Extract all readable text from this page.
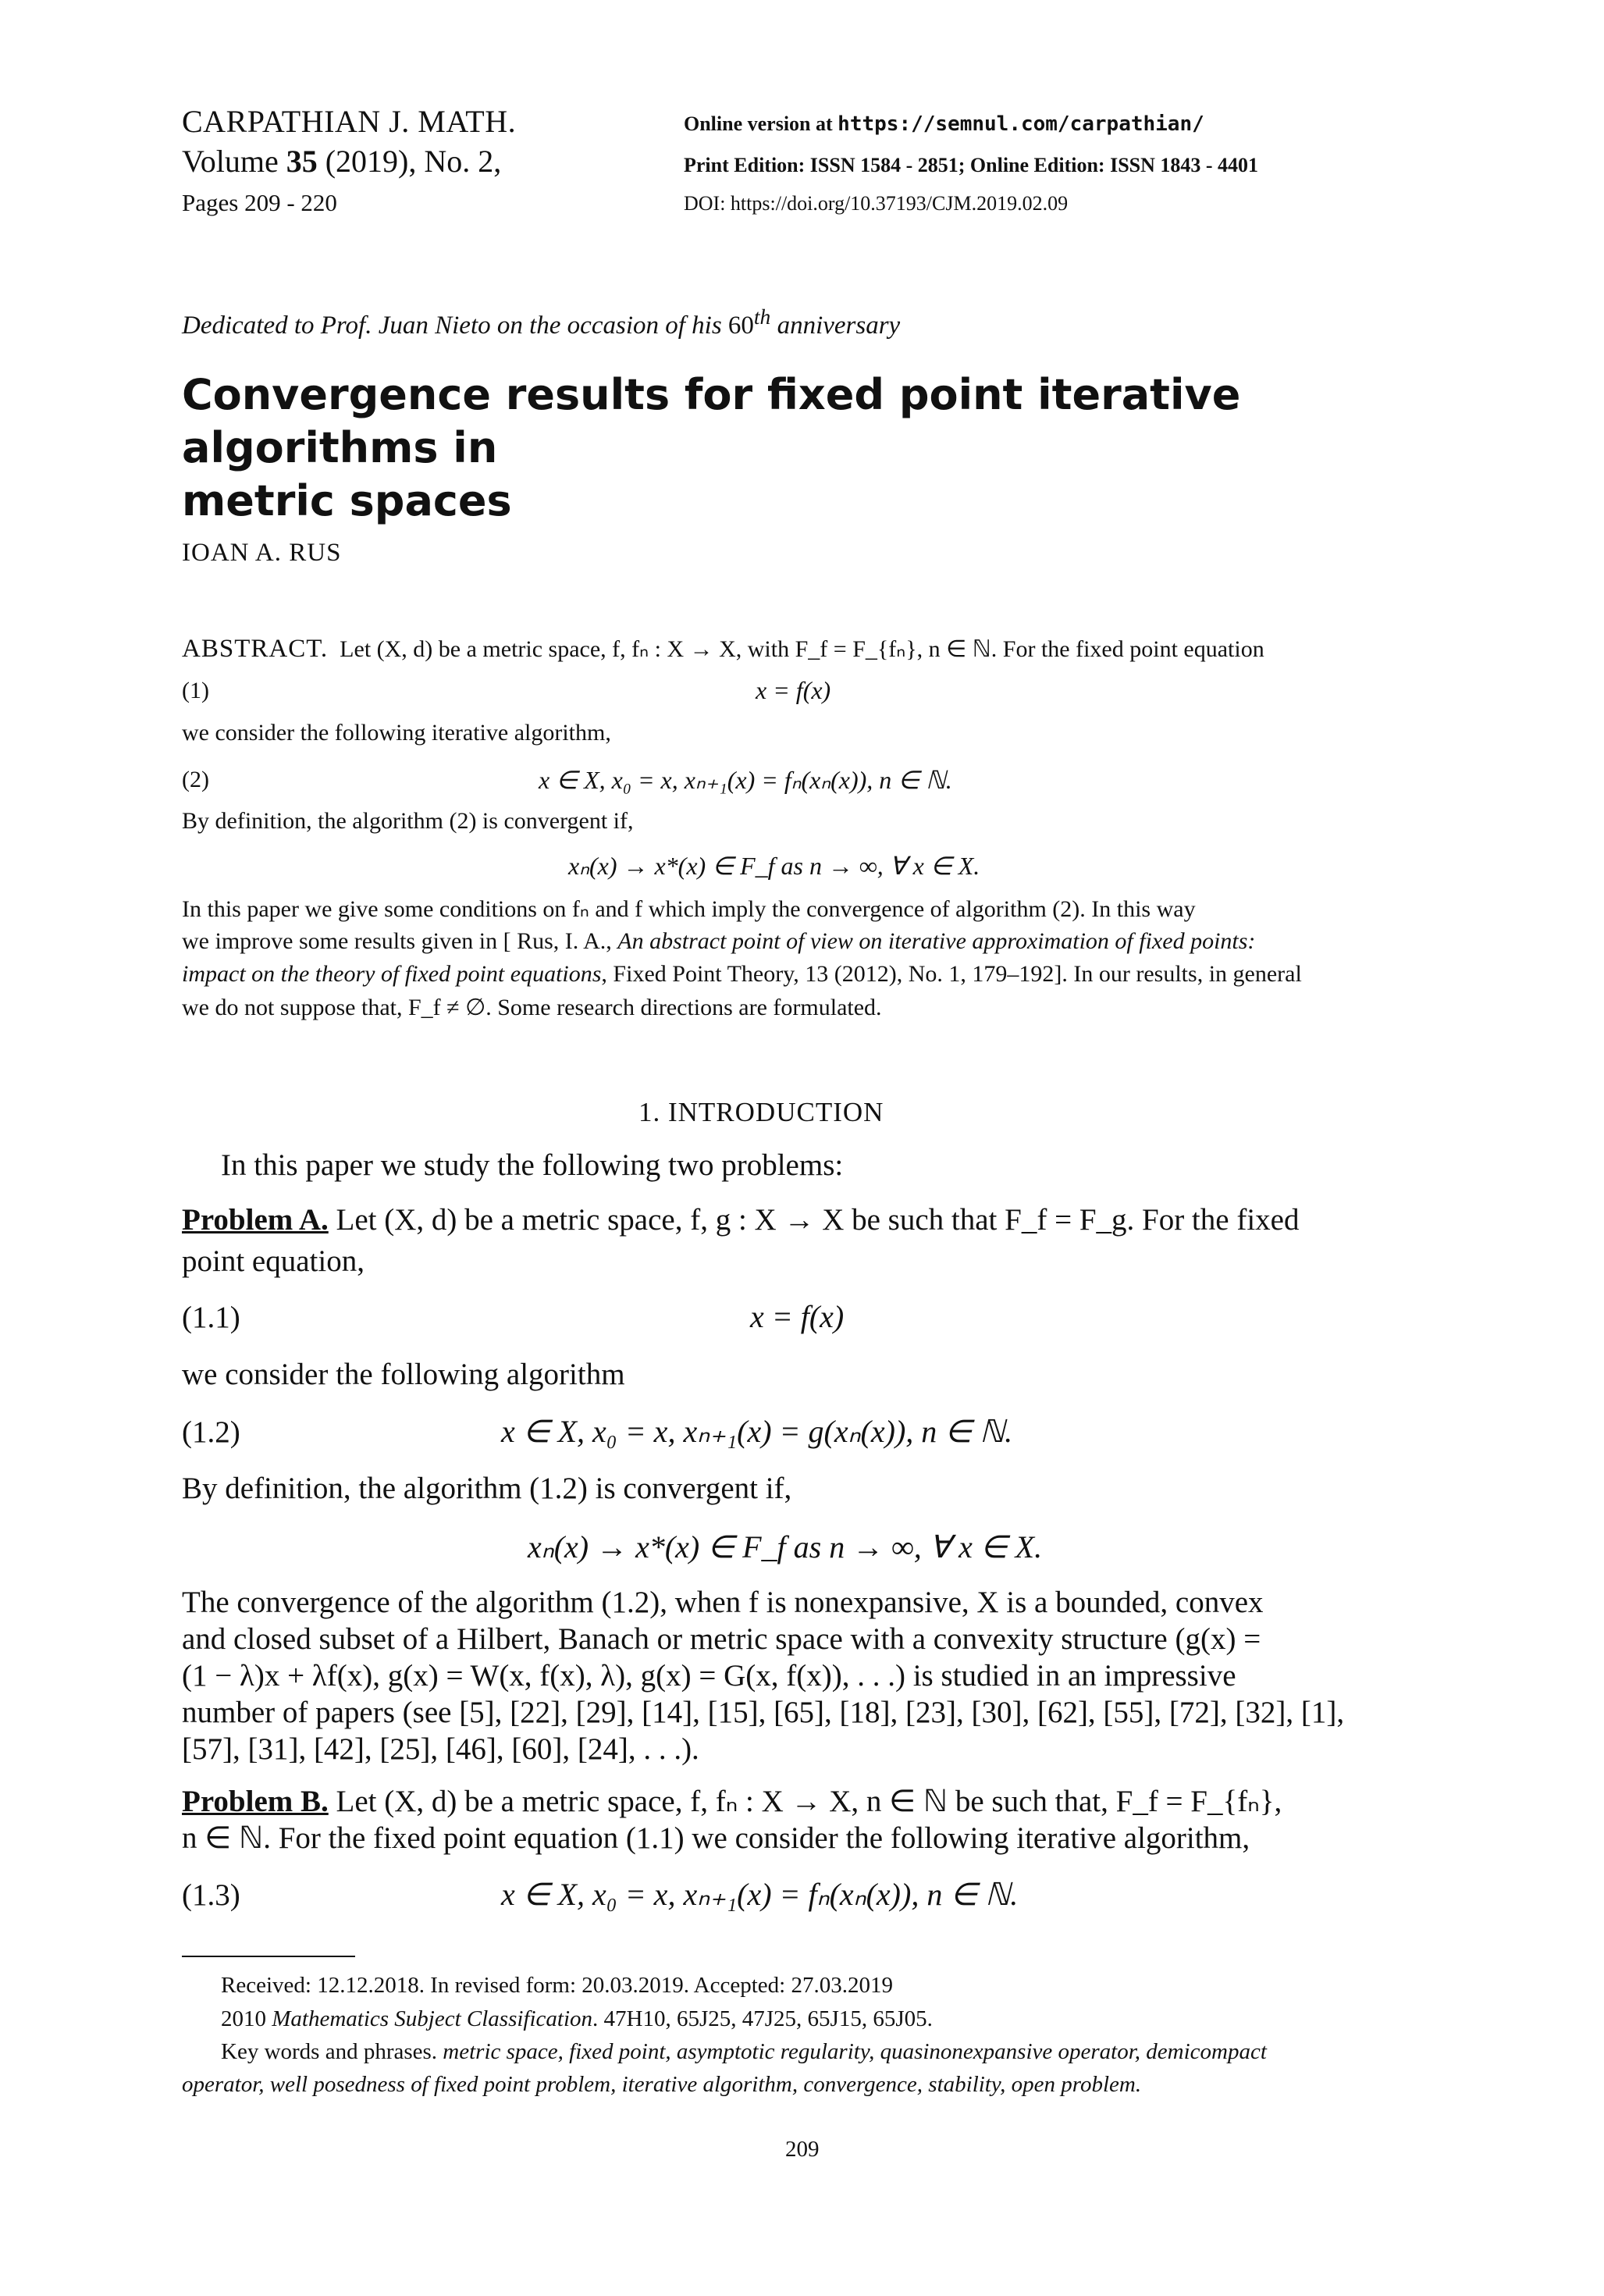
CARPATHIAN J. MATH.
Volume 35 (2019), No. 2,
Pages 209 - 220
Online version at https://semnul.com/carpathian/
Print Edition: ISSN 1584 - 2851; Online Edition: ISSN 1843 - 4401
DOI: https://doi.org/10.37193/CJM.2019.02.09
Dedicated to Prof. Juan Nieto on the occasion of his 60th anniversary
Convergence results for fixed point iterative algorithms in
metric spaces
IOAN A. RUS
ABSTRACT. Let (X, d) be a metric space, f, fₙ : X → X, with F_f = F_{fₙ}, n ∈ ℕ. For the fixed point equation
(1)	x = f(x)
we consider the following iterative algorithm,
(2)	x ∈ X, x₀ = x, xₙ₊₁(x) = fₙ(xₙ(x)), n ∈ ℕ.
By definition, the algorithm (2) is convergent if,
xₙ(x) → x*(x) ∈ F_f as n → ∞, ∀ x ∈ X.
In this paper we give some conditions on fₙ and f which imply the convergence of algorithm (2). In this way
we improve some results given in [ Rus, I. A., An abstract point of view on iterative approximation of fixed points:
impact on the theory of fixed point equations, Fixed Point Theory, 13 (2012), No. 1, 179–192]. In our results, in general
we do not suppose that, F_f ≠ ∅. Some research directions are formulated.
1. INTRODUCTION
In this paper we study the following two problems:
Problem A. Let (X, d) be a metric space, f, g : X → X be such that F_f = F_g. For the fixed
point equation,
(1.1)	x = f(x)
we consider the following algorithm
(1.2)	x ∈ X, x₀ = x, xₙ₊₁(x) = g(xₙ(x)), n ∈ ℕ.
By definition, the algorithm (1.2) is convergent if,
xₙ(x) → x*(x) ∈ F_f as n → ∞, ∀ x ∈ X.
The convergence of the algorithm (1.2), when f is nonexpansive, X is a bounded, convex
and closed subset of a Hilbert, Banach or metric space with a convexity structure (g(x) =
(1 − λ)x + λf(x), g(x) = W(x, f(x), λ), g(x) = G(x, f(x)), . . .) is studied in an impressive
number of papers (see [5], [22], [29], [14], [15], [65], [18], [23], [30], [62], [55], [72], [32], [1],
[57], [31], [42], [25], [46], [60], [24], . . .).
Problem B. Let (X, d) be a metric space, f, fₙ : X → X, n ∈ ℕ be such that, F_f = F_{fₙ},
n ∈ ℕ. For the fixed point equation (1.1) we consider the following iterative algorithm,
(1.3)	x ∈ X, x₀ = x, xₙ₊₁(x) = fₙ(xₙ(x)), n ∈ ℕ.
Received: 12.12.2018. In revised form: 20.03.2019. Accepted: 27.03.2019
2010 Mathematics Subject Classification. 47H10, 65J25, 47J25, 65J15, 65J05.
Key words and phrases. metric space, fixed point, asymptotic regularity, quasinonexpansive operator, demicompact
operator, well posedness of fixed point problem, iterative algorithm, convergence, stability, open problem.
209
